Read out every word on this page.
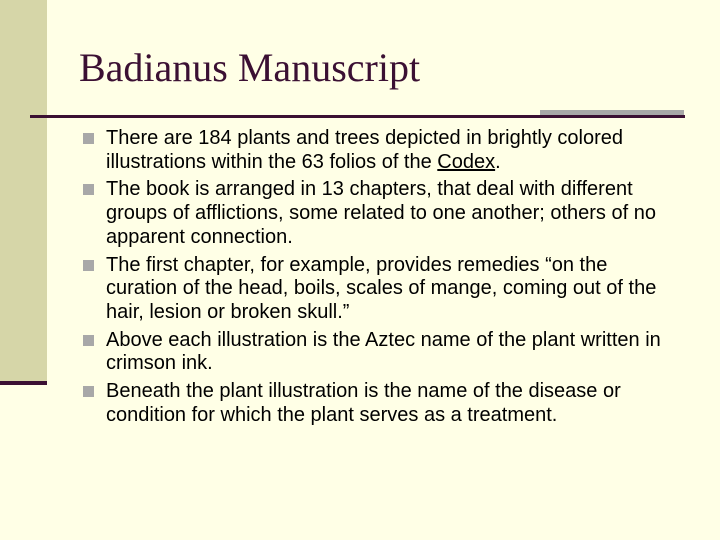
Badianus Manuscript
There are 184 plants and trees depicted in brightly colored illustrations within the 63 folios of the Codex.
The book is arranged in 13 chapters, that deal with different groups of afflictions, some related to one another; others of no apparent connection.
The first chapter, for example, provides remedies “on the curation of the head, boils, scales of mange, coming out of the hair, lesion or broken skull.”
Above each illustration is the Aztec name of the plant written in crimson ink.
Beneath the plant illustration is the name of the disease or condition for which the plant serves as a treatment.
